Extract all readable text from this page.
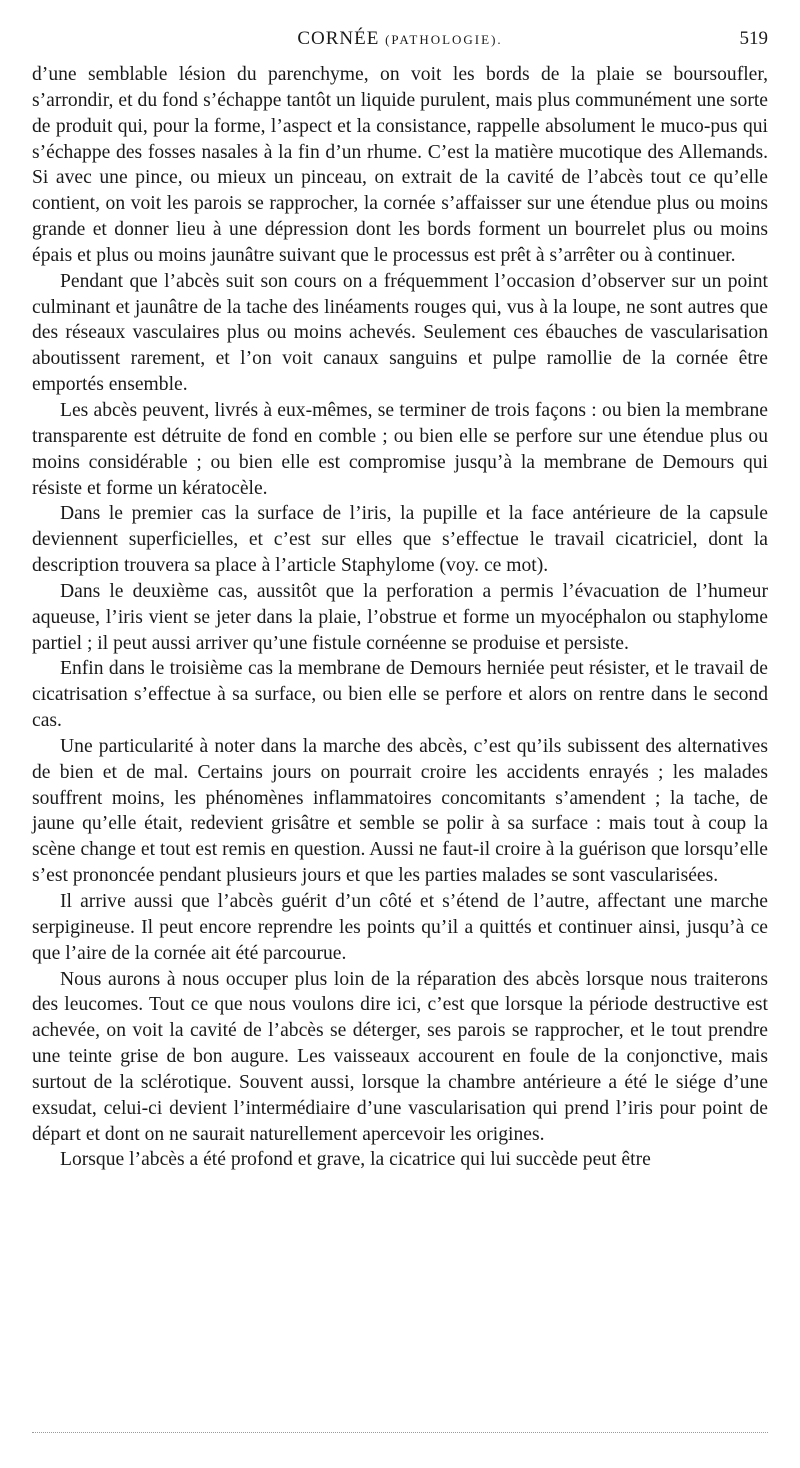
CORNÉE (PATHOLOGIE).	519

d’une semblable lésion du parenchyme, on voit les bords de la plaie se boursoufler, s’arrondir, et du fond s’échappe tantôt un liquide purulent, mais plus communément une sorte de produit qui, pour la forme, l’aspect et la consistance, rappelle absolument le muco-pus qui s’échappe des fosses nasales à la fin d’un rhume. C’est la matière mucotique des Allemands. Si avec une pince, ou mieux un pinceau, on extrait de la cavité de l’abcès tout ce qu’elle contient, on voit les parois se rapprocher, la cornée s’affaisser sur une étendue plus ou moins grande et donner lieu à une dépression dont les bords forment un bourrelet plus ou moins épais et plus ou moins jaunâtre suivant que le processus est prêt à s’arrêter ou à continuer.

Pendant que l’abcès suit son cours on a fréquemment l’occasion d’observer sur un point culminant et jaunâtre de la tache des linéaments rouges qui, vus à la loupe, ne sont autres que des réseaux vasculaires plus ou moins achevés. Seulement ces ébauches de vascularisation aboutissent rarement, et l’on voit canaux sanguins et pulpe ramollie de la cornée être emportés ensemble.

Les abcès peuvent, livrés à eux-mêmes, se terminer de trois façons : ou bien la membrane transparente est détruite de fond en comble ; ou bien elle se perfore sur une étendue plus ou moins considérable ; ou bien elle est compromise jusqu’à la membrane de Demours qui résiste et forme un kératocèle.

Dans le premier cas la surface de l’iris, la pupille et la face antérieure de la capsule deviennent superficielles, et c’est sur elles que s’effectue le travail cicatriciel, dont la description trouvera sa place à l’article Staphylome (voy. ce mot).

Dans le deuxième cas, aussitôt que la perforation a permis l’évacuation de l’humeur aqueuse, l’iris vient se jeter dans la plaie, l’obstrue et forme un myocéphalon ou staphylome partiel ; il peut aussi arriver qu’une fistule cornéenne se produise et persiste.

Enfin dans le troisième cas la membrane de Demours herniée peut résister, et le travail de cicatrisation s’effectue à sa surface, ou bien elle se perfore et alors on rentre dans le second cas.

Une particularité à noter dans la marche des abcès, c’est qu’ils subissent des alternatives de bien et de mal. Certains jours on pourrait croire les accidents enrayés ; les malades souffrent moins, les phénomènes inflammatoires concomitants s’amendent ; la tache, de jaune qu’elle était, redevient grisâtre et semble se polir à sa surface : mais tout à coup la scène change et tout est remis en question. Aussi ne faut-il croire à la guérison que lorsqu’elle s’est prononcée pendant plusieurs jours et que les parties malades se sont vascularisées.

Il arrive aussi que l’abcès guérit d’un côté et s’étend de l’autre, affectant une marche serpigineuse. Il peut encore reprendre les points qu’il a quittés et continuer ainsi, jusqu’à ce que l’aire de la cornée ait été parcourue.

Nous aurons à nous occuper plus loin de la réparation des abcès lorsque nous traiterons des leucomes. Tout ce que nous voulons dire ici, c’est que lorsque la période destructive est achevée, on voit la cavité de l’abcès se déterger, ses parois se rapprocher, et le tout prendre une teinte grise de bon augure. Les vaisseaux accourent en foule de la conjonctive, mais surtout de la sclérotique. Souvent aussi, lorsque la chambre antérieure a été le siége d’une exsudat, celui-ci devient l’intermédiaire d’une vascularisation qui prend l’iris pour point de départ et dont on ne saurait naturellement apercevoir les origines.

Lorsque l’abcès a été profond et grave, la cicatrice qui lui succède peut être
